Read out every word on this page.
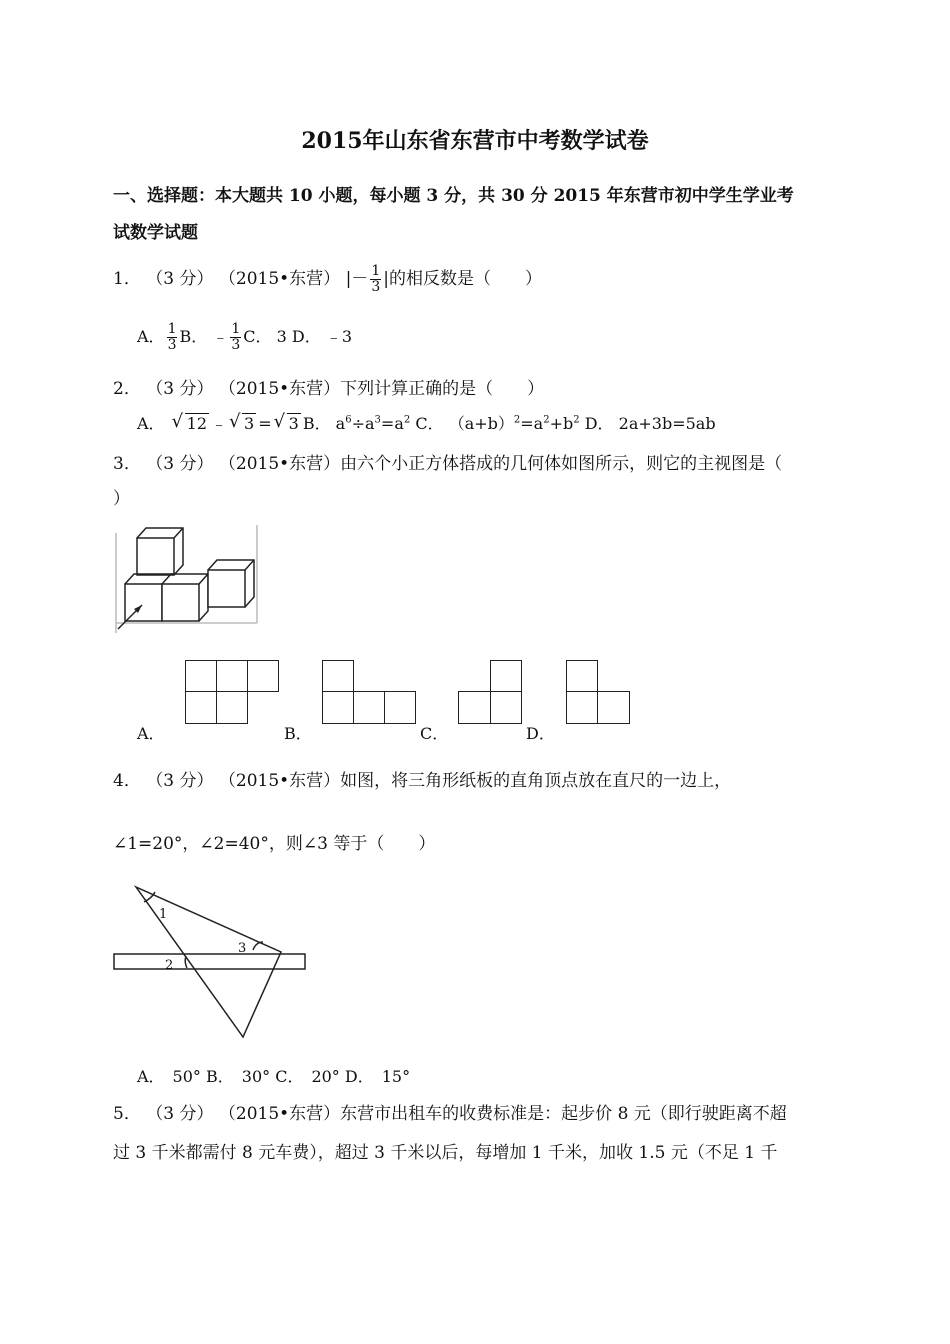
2015年山东省东营市中考数学试卷
一、选择题：本大题共 10 小题，每小题 3 分，共 30 分 2015 年东营市初中学生学业考
试数学试题
1． （3 分） （2015•东营） |－ $\frac{1}{3}$ |的相反数是（　　）
A． $\frac{1}{3}$ B． ﹣ $\frac{1}{3}$ C． 3 D． ﹣3
2． （3 分） （2015•东营）下列计算正确的是（　　）
A． √ 12 ﹣ √ 3 = √ 3 B． $a^6\div a^3=a^2$ C． $(a+b)^2=a^2+b^2$ D． 2a+3b=5ab
3． （3 分） （2015•东营）由六个小正方体搭成的几何体如图所示，则它的主视图是（
）
A．	B．	C．	D．
4． （3 分） （2015•东营）如图，将三角形纸板的直角顶点放在直尺的一边上，
∠1=20°，∠2=40°，则∠3 等于（　　）
1
2
3
A．　50° B．　30° C．　20° D．　15°
5． （3 分） （2015•东营）东营市出租车的收费标准是：起步价 8 元（即行驶距离不超
过 3 千米都需付 8 元车费），超过 3 千米以后，每增加 1 千米，加收 1.5 元（不足 1 千
